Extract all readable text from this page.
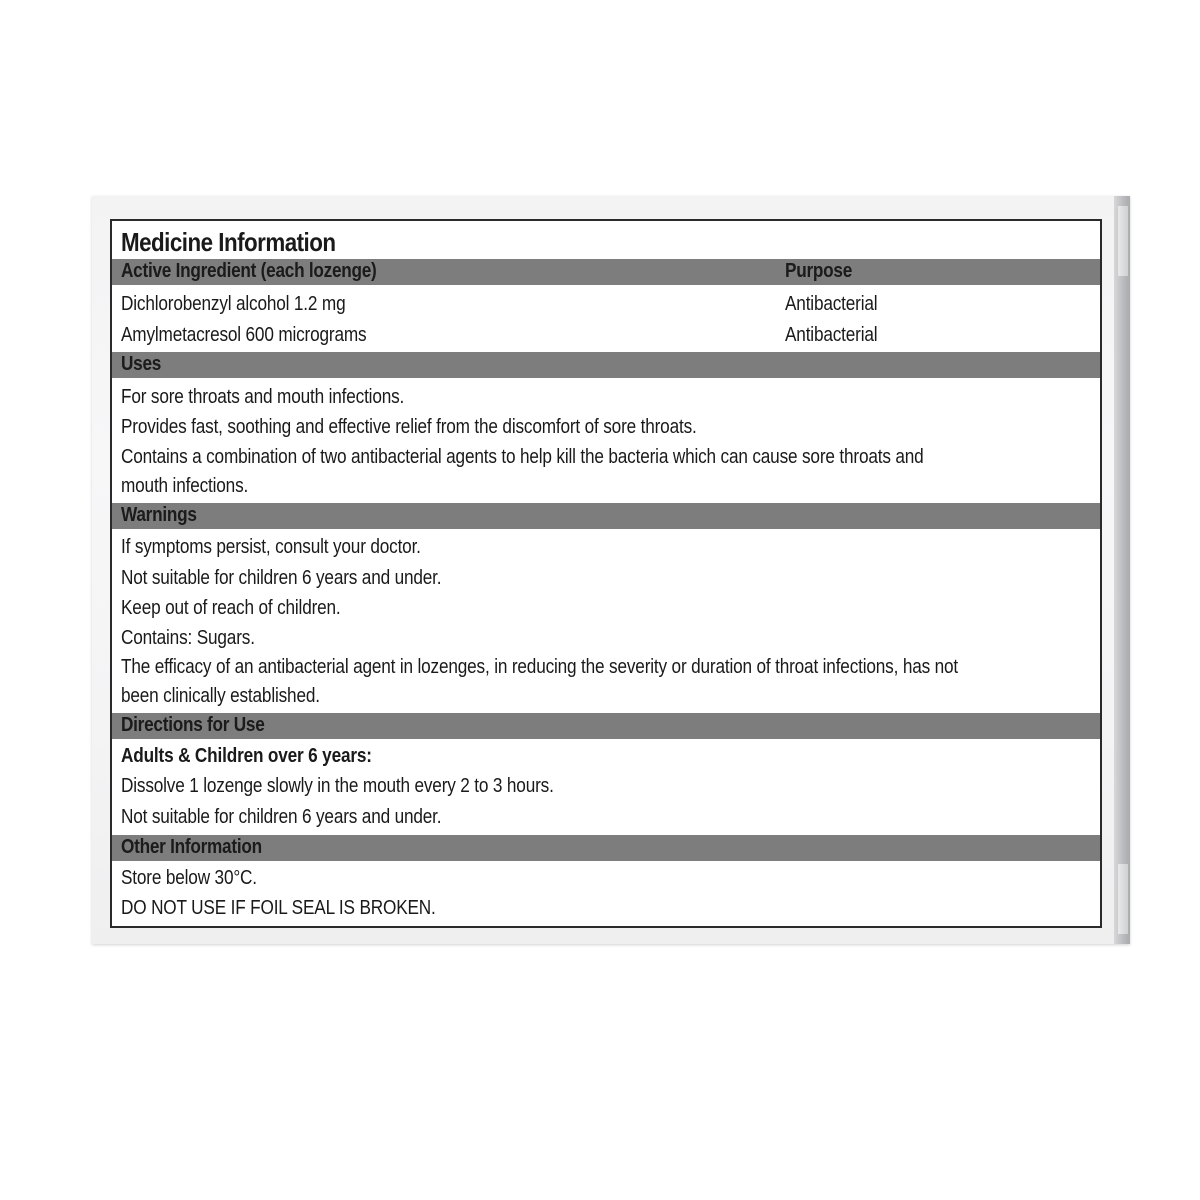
Medicine Information
Active Ingredient (each lozenge)	Purpose
Dichlorobenzyl alcohol 1.2 mg	Antibacterial
Amylmetacresol 600 micrograms	Antibacterial
Uses
For sore throats and mouth infections.
Provides fast, soothing and effective relief from the discomfort of sore throats.
Contains a combination of two antibacterial agents to help kill the bacteria which can cause sore throats and
mouth infections.
Warnings
If symptoms persist, consult your doctor.
Not suitable for children 6 years and under.
Keep out of reach of children.
Contains: Sugars.
The efficacy of an antibacterial agent in lozenges, in reducing the severity or duration of throat infections, has not
been clinically established.
Directions for Use
Adults & Children over 6 years:
Dissolve 1 lozenge slowly in the mouth every 2 to 3 hours.
Not suitable for children 6 years and under.
Other Information
Store below 30°C.
DO NOT USE IF FOIL SEAL IS BROKEN.
